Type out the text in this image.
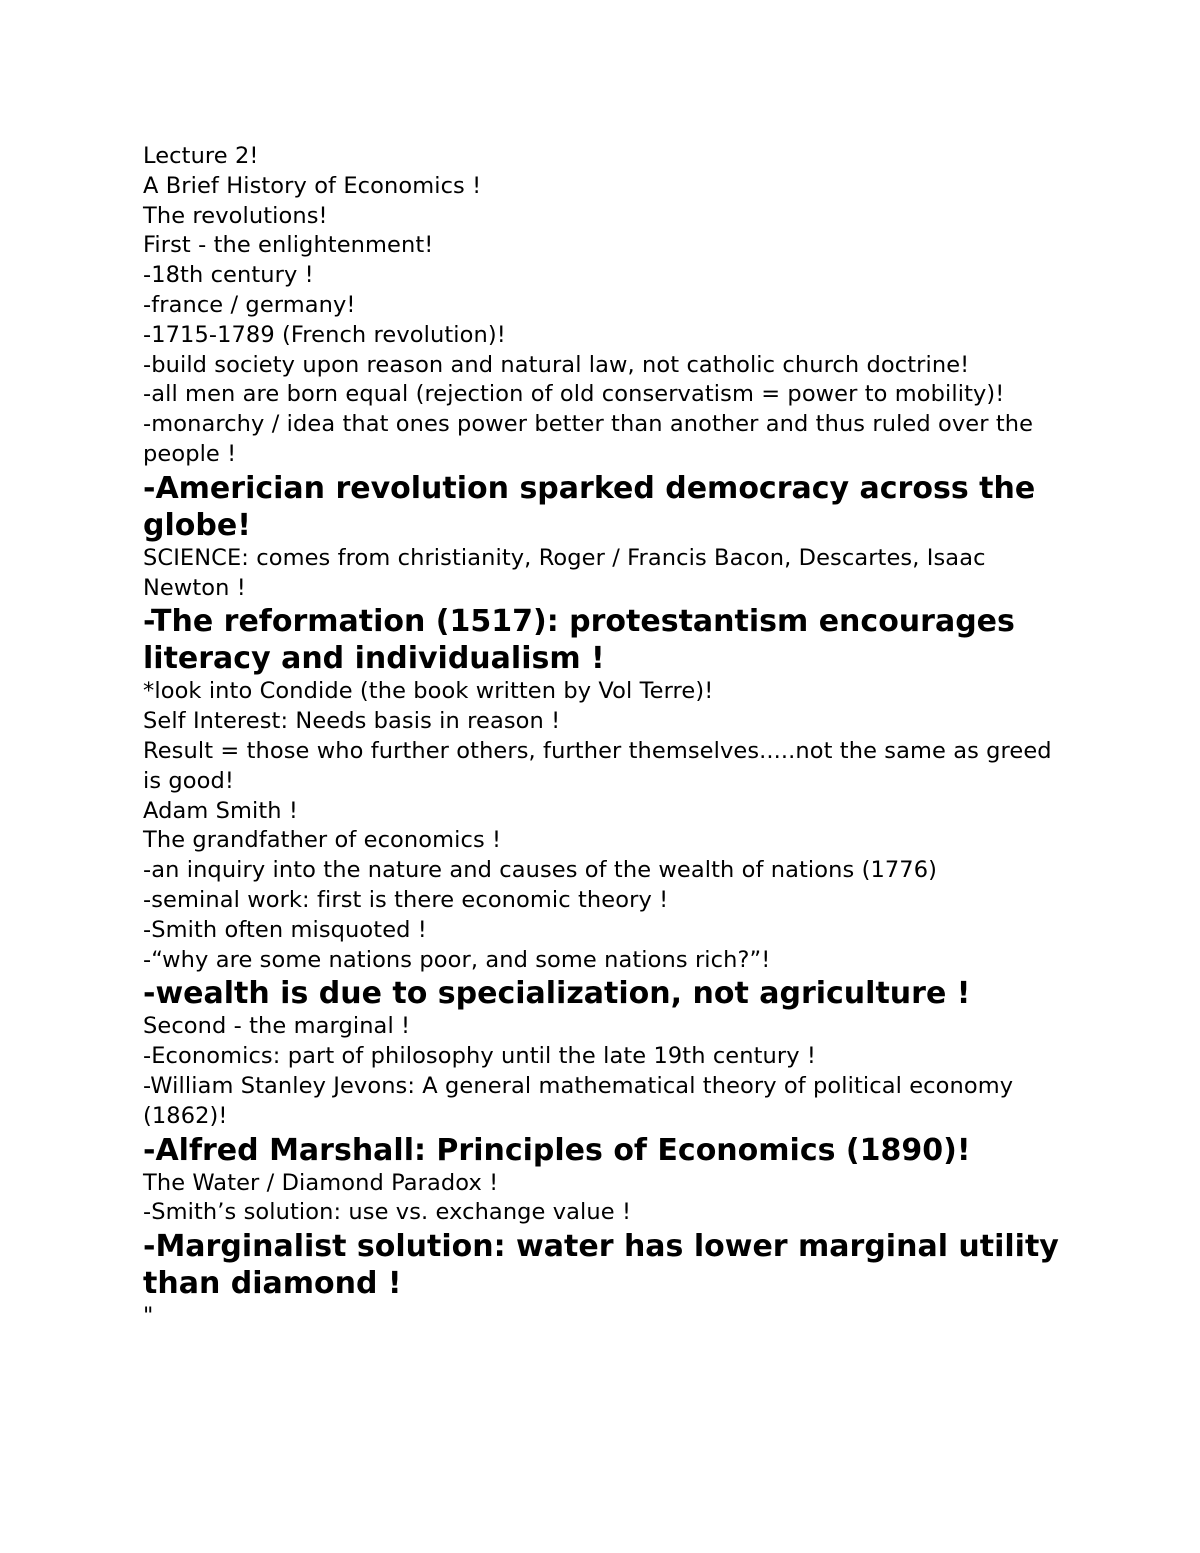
Lecture 2!
A Brief History of Economics !
The revolutions!
First - the enlightenment!
-18th century !
-france / germany!
-1715-1789 (French revolution)!
-build society upon reason and natural law, not catholic church doctrine!
-all men are born equal (rejection of old conservatism = power to mobility)!
-monarchy / idea that ones power better than another and thus ruled over the people !
-Americian revolution sparked democracy across the globe!
SCIENCE: comes from christianity, Roger / Francis Bacon, Descartes, Isaac Newton !
-The reformation (1517): protestantism encourages literacy and individualism !
*look into Condide (the book written by Vol Terre)!
Self Interest: Needs basis in reason !
Result = those who further others, further themselves.....not the same as greed is good!
Adam Smith !
The grandfather of economics !
-an inquiry into the nature and causes of the wealth of nations (1776)
-seminal work: first is there economic theory !
-Smith often misquoted !
-“why are some nations poor, and some nations rich?”!
-wealth is due to specialization, not agriculture !
Second - the marginal !
-Economics: part of philosophy until the late 19th century !
-William Stanley Jevons: A general mathematical theory of political economy (1862)!
-Alfred Marshall: Principles of Economics (1890)!
The Water / Diamond Paradox !
-Smith’s solution: use vs. exchange value !
-Marginalist solution: water has lower marginal utility than diamond !
"
